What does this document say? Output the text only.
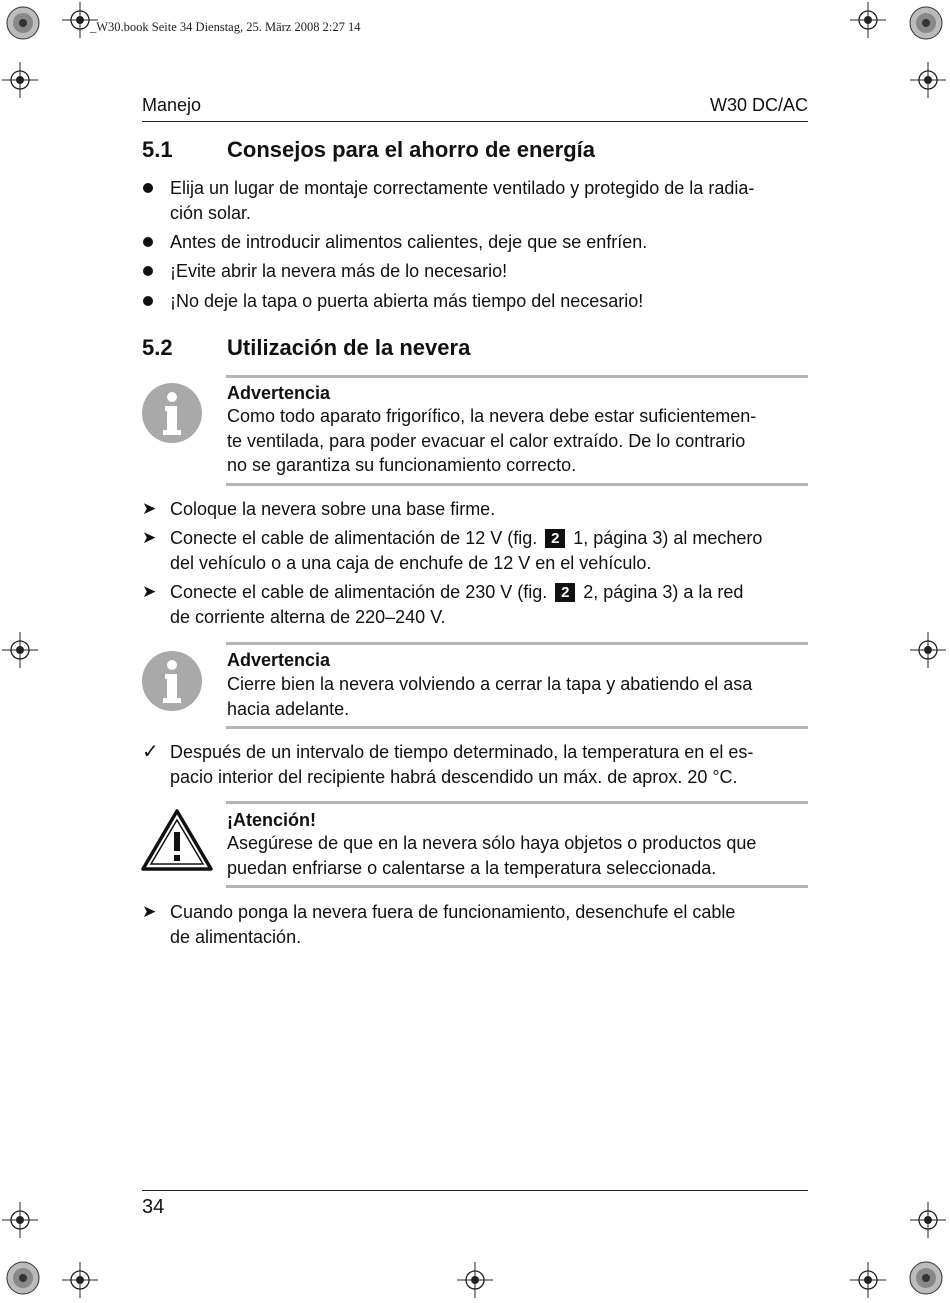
_W30.book Seite 34 Dienstag, 25. März 2008 2:27 14
Manejo	W30 DC/AC
5.1 Consejos para el ahorro de energía
Elija un lugar de montaje correctamente ventilado y protegido de la radia-
ción solar.
Antes de introducir alimentos calientes, deje que se enfríen.
¡Evite abrir la nevera más de lo necesario!
¡No deje la tapa o puerta abierta más tiempo del necesario!
5.2 Utilización de la nevera
Advertencia
Como todo aparato frigorífico, la nevera debe estar suficientemen-
te ventilada, para poder evacuar el calor extraído. De lo contrario
no se garantiza su funcionamiento correcto.
➤ Coloque la nevera sobre una base firme.
➤ Conecte el cable de alimentación de 12 V (fig. 2 1, página 3) al mechero
del vehículo o a una caja de enchufe de 12 V en el vehículo.
➤ Conecte el cable de alimentación de 230 V (fig. 2 2, página 3) a la red
de corriente alterna de 220–240 V.
Advertencia
Cierre bien la nevera volviendo a cerrar la tapa y abatiendo el asa
hacia adelante.
✓ Después de un intervalo de tiempo determinado, la temperatura en el es-
pacio interior del recipiente habrá descendido un máx. de aprox. 20 °C.
¡Atención!
Asegúrese de que en la nevera sólo haya objetos o productos que
puedan enfriarse o calentarse a la temperatura seleccionada.
➤ Cuando ponga la nevera fuera de funcionamiento, desenchufe el cable
de alimentación.
34
